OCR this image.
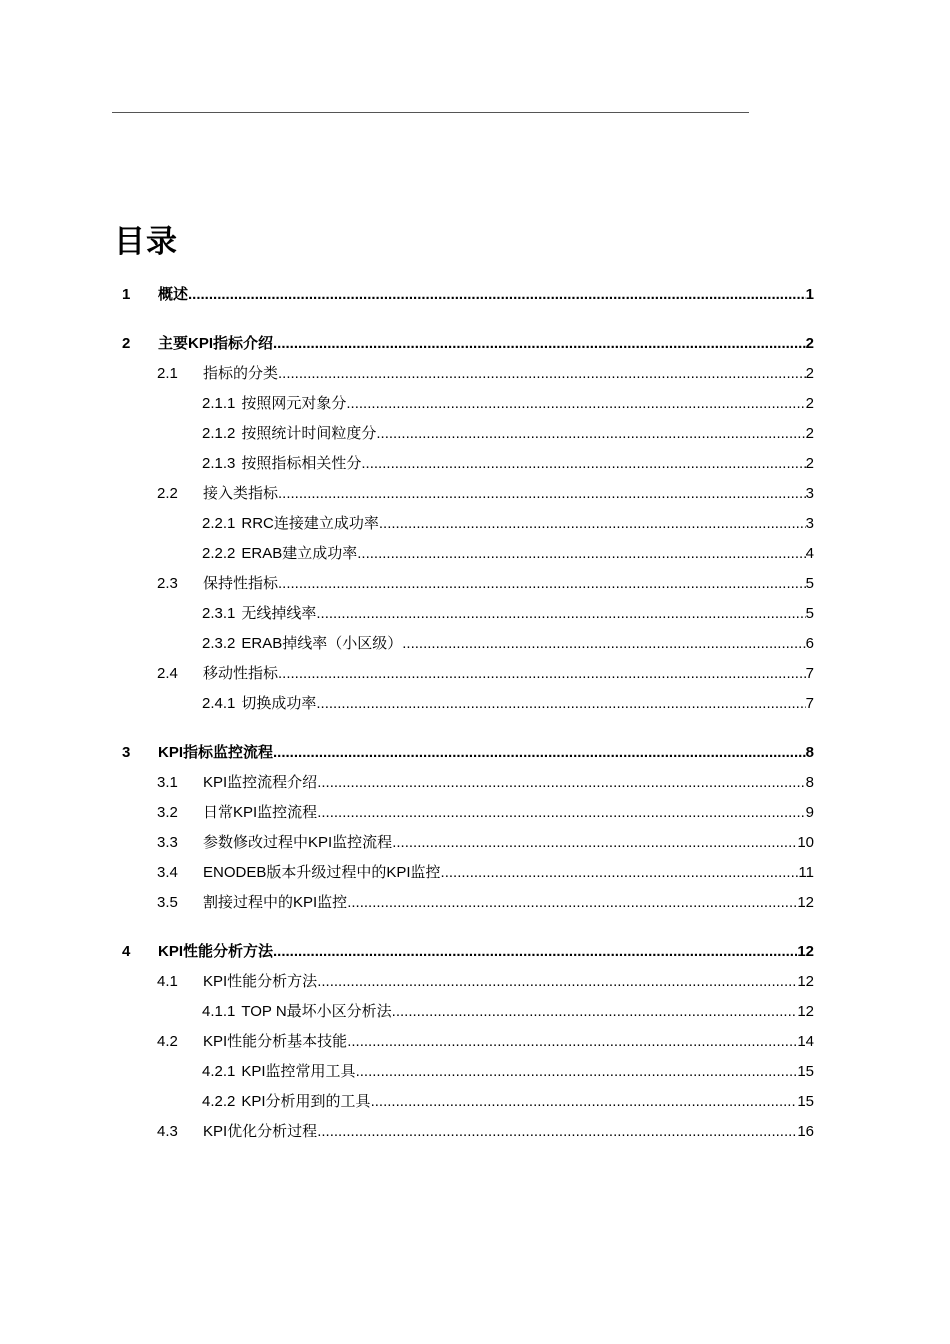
目录
1	概述 .....	1
2	主要KPI指标介绍 .....	2
2.1	指标的分类 .....	2
2.1.1 按照网元对象分 .....	2
2.1.2 按照统计时间粒度分 .....	2
2.1.3 按照指标相关性分 .....	2
2.2	接入类指标 .....	3
2.2.1 RRC连接建立成功率 .....	3
2.2.2 ERAB建立成功率 .....	4
2.3	保持性指标 .....	5
2.3.1 无线掉线率 .....	5
2.3.2 ERAB掉线率（小区级） .....	6
2.4	移动性指标 .....	7
2.4.1 切换成功率 .....	7
3	KPI指标监控流程 .....	8
3.1	KPI监控流程介绍 .....	8
3.2	日常KPI监控流程 .....	9
3.3	参数修改过程中KPI监控流程 .....	10
3.4	ENODEB版本升级过程中的KPI监控 .....	11
3.5	割接过程中的KPI监控 .....	12
4	KPI性能分析方法 .....	12
4.1	KPI性能分析方法 .....	12
4.1.1 TOP N最坏小区分析法 .....	12
4.2	KPI性能分析基本技能 .....	14
4.2.1 KPI监控常用工具 .....	15
4.2.2 KPI分析用到的工具 .....	15
4.3	KPI优化分析过程 .....	16
